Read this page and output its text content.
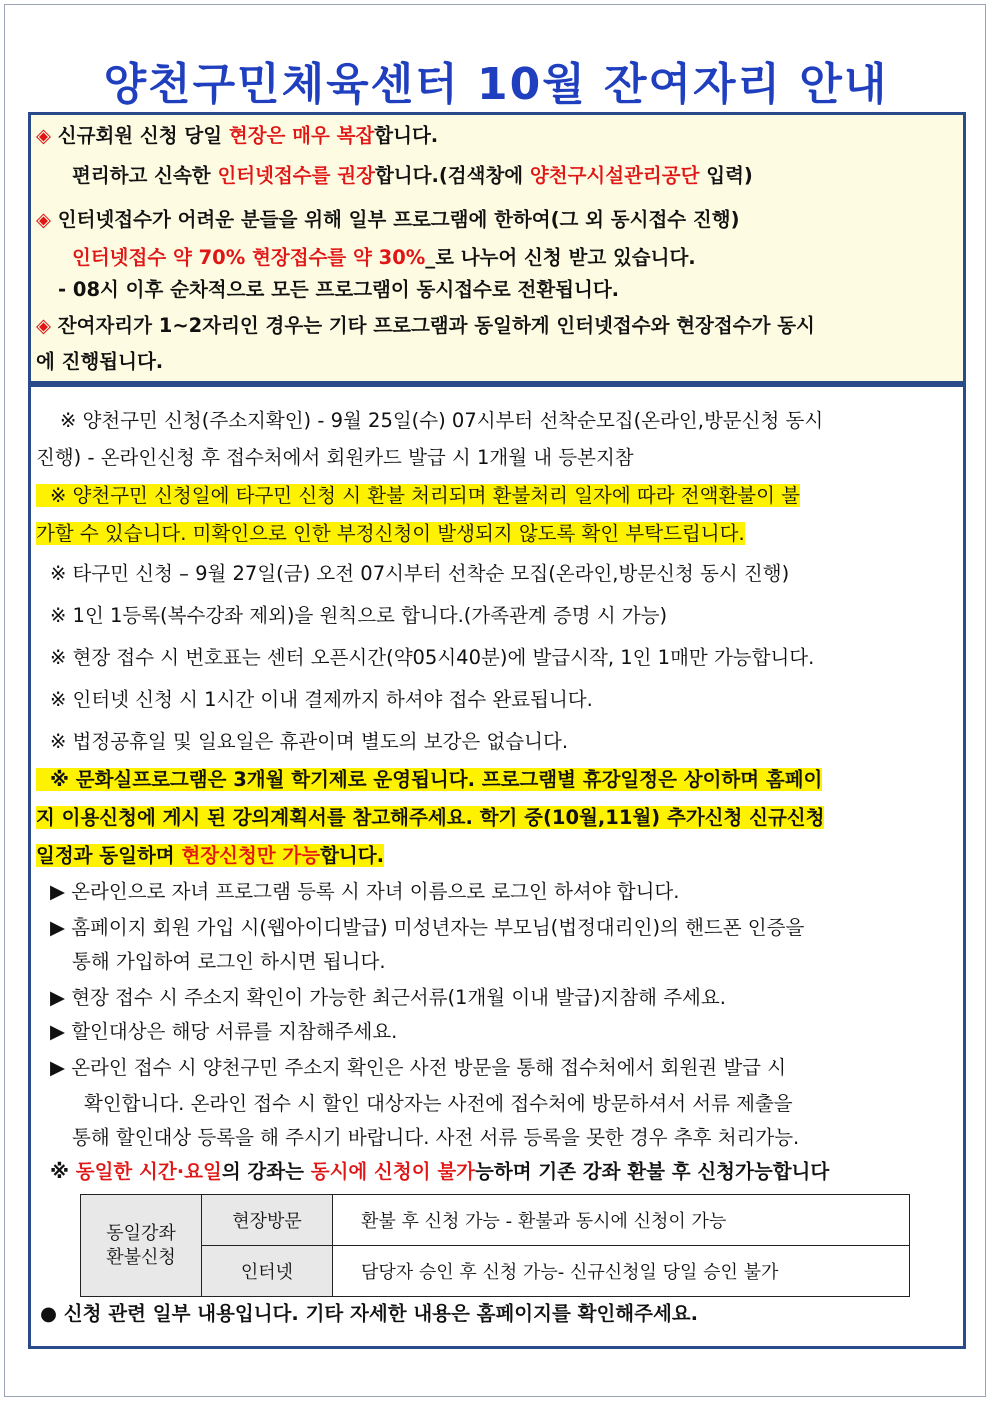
양천구민체육센터 10월 잔여자리 안내
◈ 신규회원 신청 당일 현장은 매우 복잡합니다.
편리하고 신속한 인터넷접수를 권장합니다.(검색창에 양천구시설관리공단 입력)
◈ 인터넷접수가 어려운 분들을 위해 일부 프로그램에 한하여(그 외 동시접수 진행)
인터넷접수 약 70% 현장접수를 약 30%_로 나누어 신청 받고 있습니다.
- 08시 이후 순차적으로 모든 프로그램이 동시접수로 전환됩니다.
◈ 잔여자리가 1~2자리인 경우는 기타 프로그램과 동일하게 인터넷접수와 현장접수가 동시
에 진행됩니다.
※ 양천구민 신청(주소지확인) - 9월 25일(수) 07시부터 선착순모집(온라인,방문신청 동시
진행) - 온라인신청 후 접수처에서 회원카드 발급 시 1개월 내 등본지참
※ 양천구민 신청일에 타구민 신청 시 환불 처리되며 환불처리 일자에 따라 전액환불이 불
가할 수 있습니다. 미확인으로 인한 부정신청이 발생되지 않도록 확인 부탁드립니다.
※ 타구민 신청 – 9월 27일(금) 오전 07시부터 선착순 모집(온라인,방문신청 동시 진행)
※ 1인 1등록(복수강좌 제외)을 원칙으로 합니다.(가족관계 증명 시 가능)
※ 현장 접수 시 번호표는 센터 오픈시간(약05시40분)에 발급시작, 1인 1매만 가능합니다.
※ 인터넷 신청 시 1시간 이내 결제까지 하셔야 접수 완료됩니다.
※ 법정공휴일 및 일요일은 휴관이며 별도의 보강은 없습니다.
※ 문화실프로그램은 3개월 학기제로 운영됩니다. 프로그램별 휴강일정은 상이하며 홈페이
지 이용신청에 게시 된 강의계획서를 참고해주세요. 학기 중(10월,11월) 추가신청 신규신청
일정과 동일하며 현장신청만 가능합니다.
▶ 온라인으로 자녀 프로그램 등록 시 자녀 이름으로 로그인 하셔야 합니다.
▶ 홈페이지 회원 가입 시(웹아이디발급) 미성년자는 부모님(법정대리인)의 핸드폰 인증을
통해 가입하여 로그인 하시면 됩니다.
▶ 현장 접수 시 주소지 확인이 가능한 최근서류(1개월 이내 발급)지참해 주세요.
▶ 할인대상은 해당 서류를 지참해주세요.
▶ 온라인 접수 시 양천구민 주소지 확인은 사전 방문을 통해 접수처에서 회원권 발급 시
확인합니다. 온라인 접수 시 할인 대상자는 사전에 접수처에 방문하셔서 서류 제출을
통해 할인대상 등록을 해 주시기 바랍니다. 사전 서류 등록을 못한 경우 추후 처리가능.
※ 동일한 시간·요일의 강좌는 동시에 신청이 불가능하며 기존 강좌 환불 후 신청가능합니다
동일강좌
환불신청	현장방문	환불 후 신청 가능 - 환불과 동시에 신청이 가능
	인터넷	담당자 승인 후 신청 가능- 신규신청일 당일 승인 불가
● 신청 관련 일부 내용입니다. 기타 자세한 내용은 홈페이지를 확인해주세요.
